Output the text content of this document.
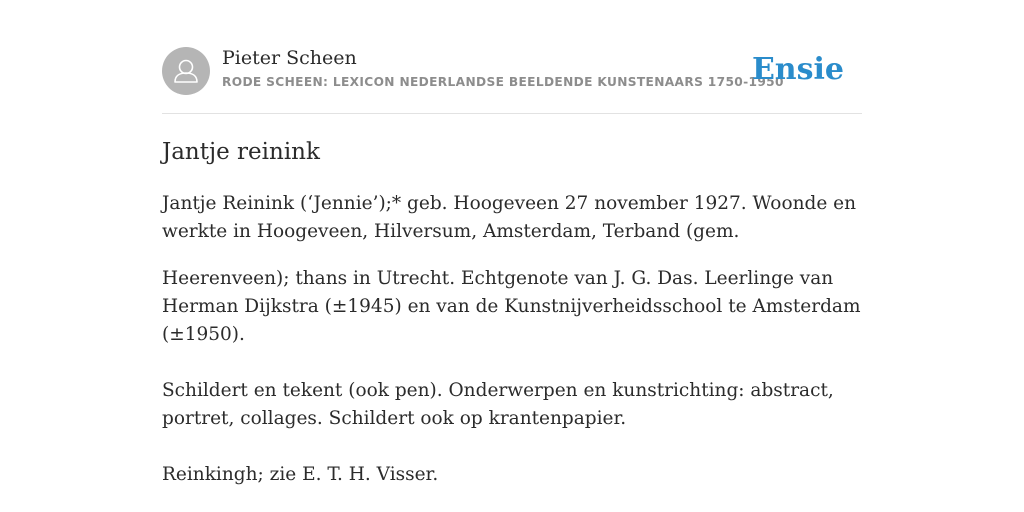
Pieter Scheen
RODE SCHEEN: LEXICON NEDERLANDSE BEELDENDE KUNSTENAARS 1750-1950
Ensie
Jantje reinink

Jantje Reinink (‘Jennie’);* geb. Hoogeveen 27 november 1927. Woonde en werkte in Hoogeveen, Hilversum, Amsterdam, Terband (gem.

Heerenveen); thans in Utrecht. Echtgenote van J. G. Das. Leerlinge van Herman Dijkstra (±1945) en van de Kunstnijverheidsschool te Amsterdam (±1950).

Schildert en tekent (ook pen). Onderwerpen en kunstrichting: abstract, portret, collages. Schildert ook op krantenpapier.

Reinkingh; zie E. T. H. Visser.
